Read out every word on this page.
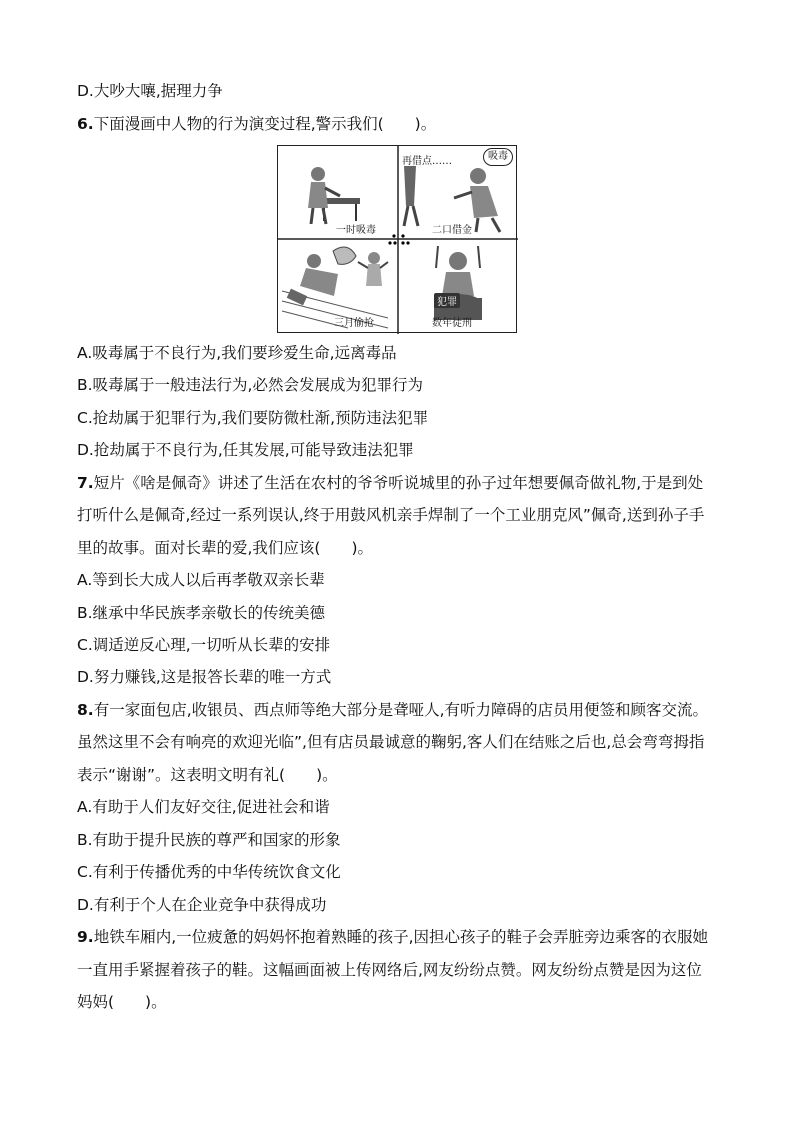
D.大吵大嚷,据理力争
6.下面漫画中人物的行为演变过程,警示我们(　　)。
一时吸毒
再借点……	吸毒
二口借金
犯罪
三月偷抢	数年徒刑
A.吸毒属于不良行为,我们要珍爱生命,远离毒品
B.吸毒属于一般违法行为,必然会发展成为犯罪行为
C.抢劫属于犯罪行为,我们要防微杜渐,预防违法犯罪
D.抢劫属于不良行为,任其发展,可能导致违法犯罪
7.短片《啥是佩奇》讲述了生活在农村的爷爷听说城里的孙子过年想要佩奇做礼物,于是到处
打听什么是佩奇,经过一系列误认,终于用鼓风机亲手焊制了一个工业朋克风”佩奇,送到孙子手
里的故事。面对长辈的爱,我们应该(　　)。
A.等到长大成人以后再孝敬双亲长辈
B.继承中华民族孝亲敬长的传统美德
C.调适逆反心理,一切听从长辈的安排
D.努力赚钱,这是报答长辈的唯一方式
8.有一家面包店,收银员、西点师等绝大部分是聋哑人,有听力障碍的店员用便签和顾客交流。
虽然这里不会有响亮的欢迎光临”,但有店员最诚意的鞠躬,客人们在结账之后也,总会弯弯拇指
表示“谢谢”。这表明文明有礼(　　)。
A.有助于人们友好交往,促进社会和谐
B.有助于提升民族的尊严和国家的形象
C.有利于传播优秀的中华传统饮食文化
D.有利于个人在企业竞争中获得成功
9.地铁车厢内,一位疲惫的妈妈怀抱着熟睡的孩子,因担心孩子的鞋子会弄脏旁边乘客的衣服她
一直用手紧握着孩子的鞋。这幅画面被上传网络后,网友纷纷点赞。网友纷纷点赞是因为这位
妈妈(　　)。
